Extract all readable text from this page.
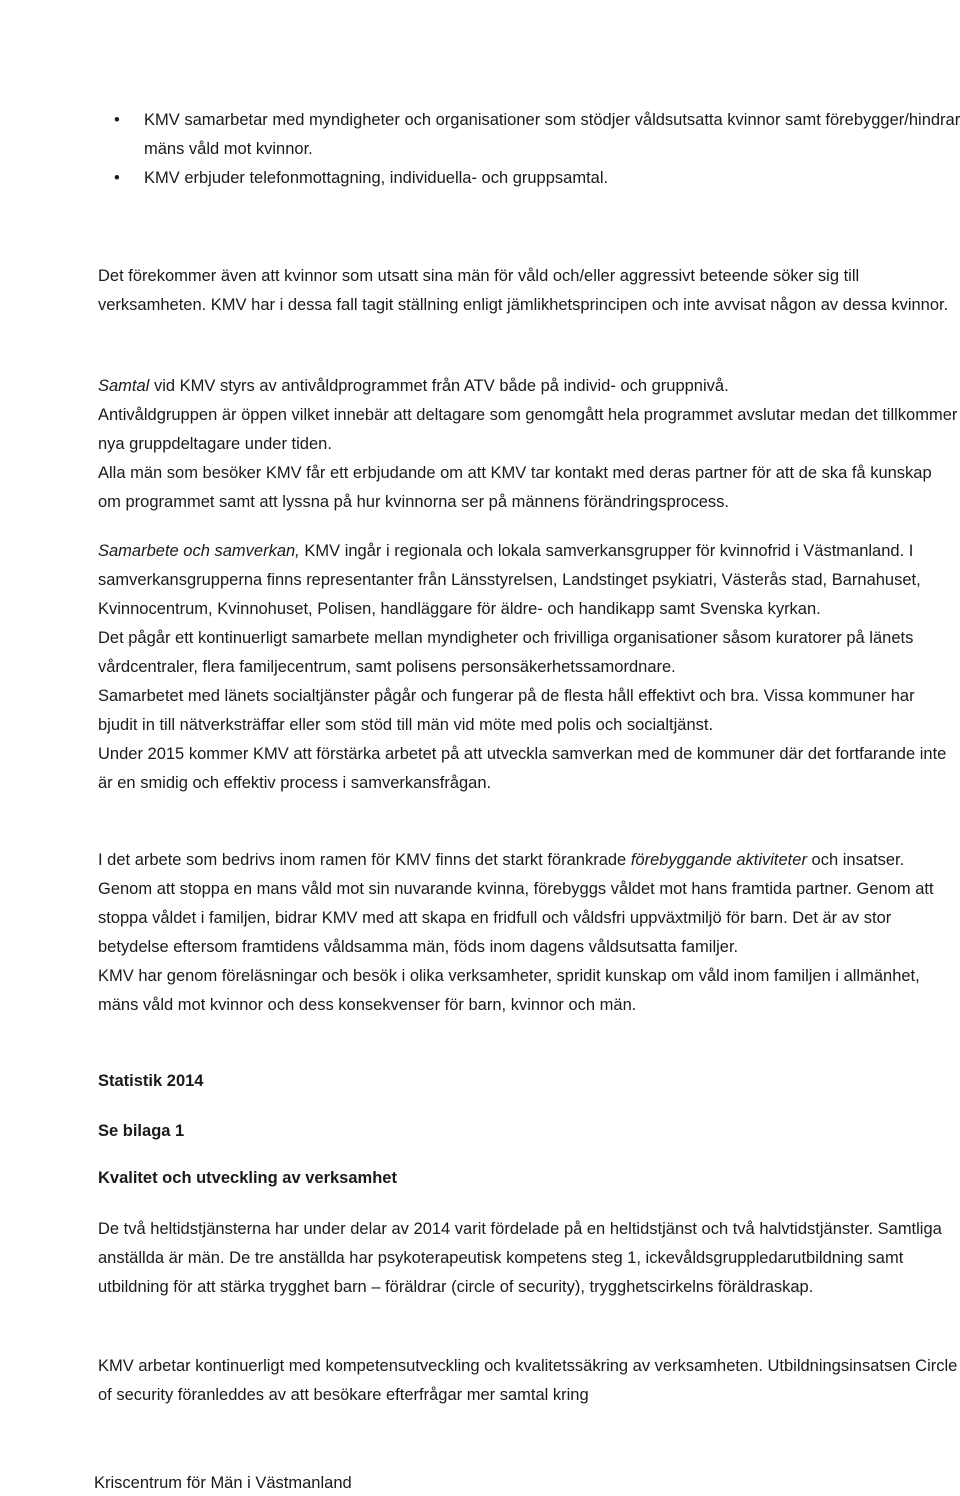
• KMV samarbetar med myndigheter och organisationer som stödjer våldsutsatta kvinnor samt förebygger/hindrar mäns våld mot kvinnor.
• KMV erbjuder telefonmottagning, individuella- och gruppsamtal.

Det förekommer även att kvinnor som utsatt sina män för våld och/eller aggressivt beteende söker sig till verksamheten. KMV har i dessa fall tagit ställning enligt jämlikhetsprincipen och inte avvisat någon av dessa kvinnor.

Samtal vid KMV styrs av antivåldprogrammet från ATV både på individ- och gruppnivå.

Antivåldgruppen är öppen vilket innebär att deltagare som genomgått hela programmet avslutar medan det tillkommer nya gruppdeltagare under tiden.

Alla män som besöker KMV får ett erbjudande om att KMV tar kontakt med deras partner för att de ska få kunskap om programmet samt att lyssna på hur kvinnorna ser på männens förändringsprocess.

Samarbete och samverkan, KMV ingår i regionala och lokala samverkansgrupper för kvinnofrid i Västmanland. I samverkansgrupperna finns representanter från Länsstyrelsen, Landstinget psykiatri, Västerås stad, Barnahuset, Kvinnocentrum, Kvinnohuset, Polisen, handläggare för äldre- och handikapp samt Svenska kyrkan.

Det pågår ett kontinuerligt samarbete mellan myndigheter och frivilliga organisationer såsom kuratorer på länets vårdcentraler, flera familjecentrum, samt polisens personsäkerhetssamordnare.

Samarbetet med länets socialtjänster pågår och fungerar på de flesta håll effektivt och bra. Vissa kommuner har bjudit in till nätverksträffar eller som stöd till män vid möte med polis och socialtjänst.

Under 2015 kommer KMV att förstärka arbetet på att utveckla samverkan med de kommuner där det fortfarande inte är en smidig och effektiv process i samverkansfrågan.

I det arbete som bedrivs inom ramen för KMV finns det starkt förankrade förebyggande aktiviteter och insatser. Genom att stoppa en mans våld mot sin nuvarande kvinna, förebyggs våldet mot hans framtida partner. Genom att stoppa våldet i familjen, bidrar KMV med att skapa en fridfull och våldsfri uppväxtmiljö för barn. Det är av stor betydelse eftersom framtidens våldsamma män, föds inom dagens våldsutsatta familjer.

KMV har genom föreläsningar och besök i olika verksamheter, spridit kunskap om våld inom familjen i allmänhet, mäns våld mot kvinnor och dess konsekvenser för barn, kvinnor och män.

Statistik 2014
Se bilaga 1
Kvalitet och utveckling av verksamhet

De två heltidstjänsterna har under delar av 2014 varit fördelade på en heltidstjänst och två halvtidstjänster. Samtliga anställda är män. De tre anställda har psykoterapeutisk kompetens steg 1, ickevåldsgruppledarutbildning samt utbildning för att stärka trygghet barn – föräldrar (circle of security), trygghetscirkelns föräldraskap.

KMV arbetar kontinuerligt med kompetensutveckling och kvalitetssäkring av verksamheten. Utbildningsinsatsen Circle of security föranleddes av att besökare efterfrågar mer samtal kring

Kriscentrum för Män i Västmanland
